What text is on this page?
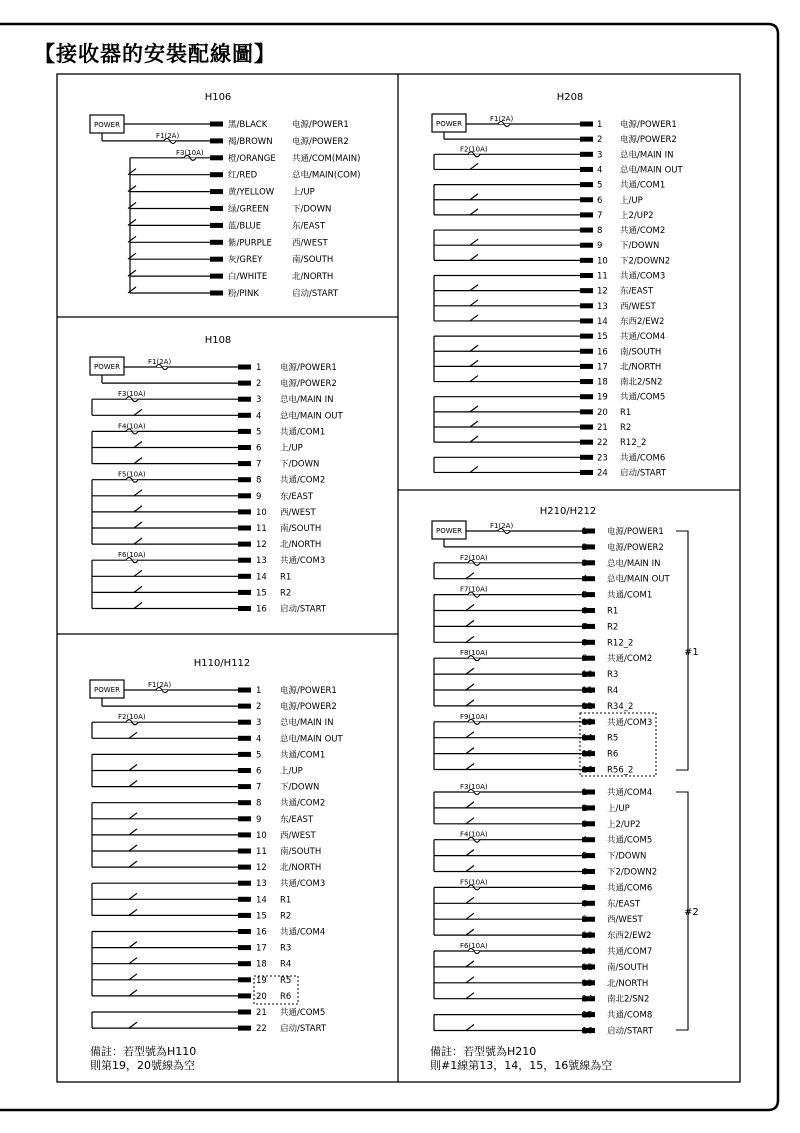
【接收器的安裝配線圖】
H106
POWER	黑/BLACK	电源/POWER1
褐/BROWN 电源/POWER2
橙/ORANGE 共通/COM(MAIN)
红/RED	总电/MAIN(COM)
黄/YELLOW 上/UP
绿/GREEN	下/DOWN
蓝/BLUE	东/EAST
紫/PURPLE 西/WEST
灰/GREY	南/SOUTH
白/WHITE	北/NORTH
粉/PINK	启动/START
F1(2A)
F3(10A)
H108
1 电源/POWER1
2 电源/POWER2
3 总电/MAIN IN
4 总电/MAIN OUT
5 共通/COM1
6 上/UP
7 下/DOWN
8 共通/COM2
9 东/EAST
10 西/WEST
11 南/SOUTH
12 北/NORTH
13 共通/COM3
14 R1
15 R2
16 启动/START
POWER
F1(2A)
F3(10A)
F4(10A)
F5(10A)
F6(10A)
H110/H112
1 电源/POWER1
2 电源/POWER2
3 总电/MAIN IN
4 总电/MAIN OUT
5 共通/COM1
6 上/UP
7 下/DOWN
8 共通/COM2
9 东/EAST
10 西/WEST
11 南/SOUTH
12 北/NORTH
13 共通/COM3
14 R1
15 R2
16 共通/COM4
17 R3
18 R4
19 R5
20 R6
21 共通/COM5
22 启动/START
POWER
F1(2A)
F2(10A)
H208
1 电源/POWER1
2 电源/POWER2
3 总电/MAIN IN
4 总电/MAIN OUT
5 共通/COM1
6 上/UP
7 上2/UP2
8 共通/COM2
9 下/DOWN
10 下2/DOWN2
11 共通/COM3
12 东/EAST
13 西/WEST
14 东西2/EW2
15 共通/COM4
16 南/SOUTH
17 北/NORTH
18 南北2/SN2
19 共通/COM5
20 R1
21 R2
22 R12_2
23 共通/COM6
24 启动/START
POWER
F1(2A)
F2(10A)
H210/H212
1 电源/POWER1
2 电源/POWER2
3 总电/MAIN IN
4 总电/MAIN OUT
5 共通/COM1
6 R1
7 R2
8 R12_2
9 共通/COM2
10 R3
11 R4
12 R34_2
13 共通/COM3
14 R5
15 R6
16 R56_2
POWER
F1(2A)
F2(10A)
F7(10A)
F8(10A)
F9(10A)
1 共通/COM4
2 上/UP
3 上2/UP2
4 共通/COM5
5 下/DOWN
6 下2/DOWN2
7 共通/COM6
8 东/EAST
9 西/WEST
10 东西2/EW2
11 共通/COM7
12 南/SOUTH
13 北/NORTH
14 南北2/SN2
15 共通/COM8
16 启动/START
F3(10A)
F4(10A)
F5(10A)
F6(10A)
#1
#2
備註：若型號為H110
則第19，20號線為空
備註：若型號為H210
則#1線第13，14，15，16號線為空
